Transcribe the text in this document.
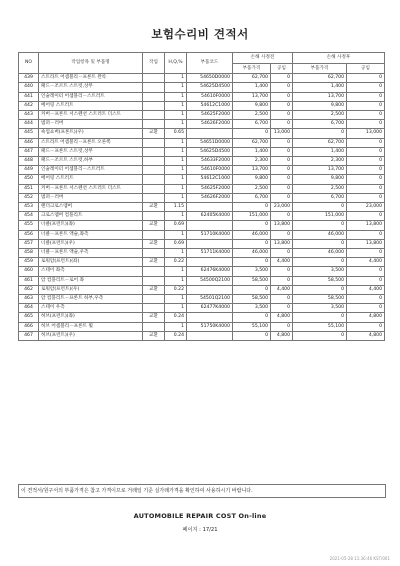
보험수리비 견적서
NO	작업항목 및 부품명	작업	H,Q,%	부품코드	손해 사정전		손해 사정후	
					부품가격	공임	부품가격	공임
439	스트라트 어셈블리－프론트 완록		1	54650D0000	62,700	0	62,700	0
440	패드－조르트 스트럿,상무		1	54625D4500	1,400	0	1,400	0
441	인슐레이터 어셈블리－스트러트		1	54610F0000	13,700	0	13,700	0
442	베어링 스트러트		1	54612C1000	9,800	0	9,800	0
443	커버－프론트 서스펜션 스트러트 더스트		1	54625F2000	2,500	0	2,500	0
444	범퍼－러버		1	54626F2000	6,700	0	6,700	0
445	쇽업쇼버(프론트)(우)	교환	0.65		0	13,000	0	13,000
446	스트라트 어셈블리－프론트 오른쪽		1	54651D0000	62,700	0	62,700	0
447	패드－프론트 스트럿,상무		1	54625D4500	1,400	0	1,400	0
448	패드－조르트 스트럿,하부		1	54633F2000	2,300	0	2,300	0
449	인슐레이터 어셈블리－스트러트		1	54610F0000	13,700	0	13,700	0
450	베어링 스트러트		1	54612C1000	9,800	0	9,800	0
451	커버－프론트 서스펜션 스트러트 더스트		1	54625F2000	2,500	0	2,500	0
452	범퍼－러버		1	54626F2000	6,700	0	6,700	0
453	랜더크로스멤버	교환	1.15		0	23,000	0	23,000
454	크로스멤버 컴플리트		1	62405K4000	151,000	0	151,000	0
455	너클(프런트)(좌)	교환	0.69		0	13,800	0	13,800
456	너클－프론트 액슬,좌측		1	51710K4000	46,000	0	46,000	0
457	너클(프런트)(우)	교환	0.69		0	13,800	0	13,800
458	너클－프론트 액슬,우측		1	51711K4000	46,000	0	46,000	0
459	로워암(프런트)(좌)	교환	0.22		0	4,400	0	4,400
460	스테이 좌측		1	62476K4000	3,500	0	3,500	0
461	암 컴플리트－로어 좌		1	54500Q2100	58,500	0	58,500	0
462	로워암(프런트)(우)	교환	0.22		0	4,400	0	4,400
463	암 컴플리트－프론트 하부,우측		1	54501Q2100	58,500	0	58,500	0
464	스테이 우측		1	62477K4000	3,500	0	3,500	0
465	허브(프런트)(좌)	교환	0.24		0	4,800	0	4,800
466	허브 어셈블리－프론트 휠		1	51750K4000	55,100	0	55,100	0
467	허브(프런트)(우)	교환	0.24		0	4,800	0	4,800
이 견적서/원구서의 부품가격은 참고 가격이므로 거래일 기준 실가래가격을 확인하여 사용하시기 바랍니다.
AUTOMOBILE REPAIR COST On-line
페이지 : 17/21
2021-05-28 11:36:46 KST/001
